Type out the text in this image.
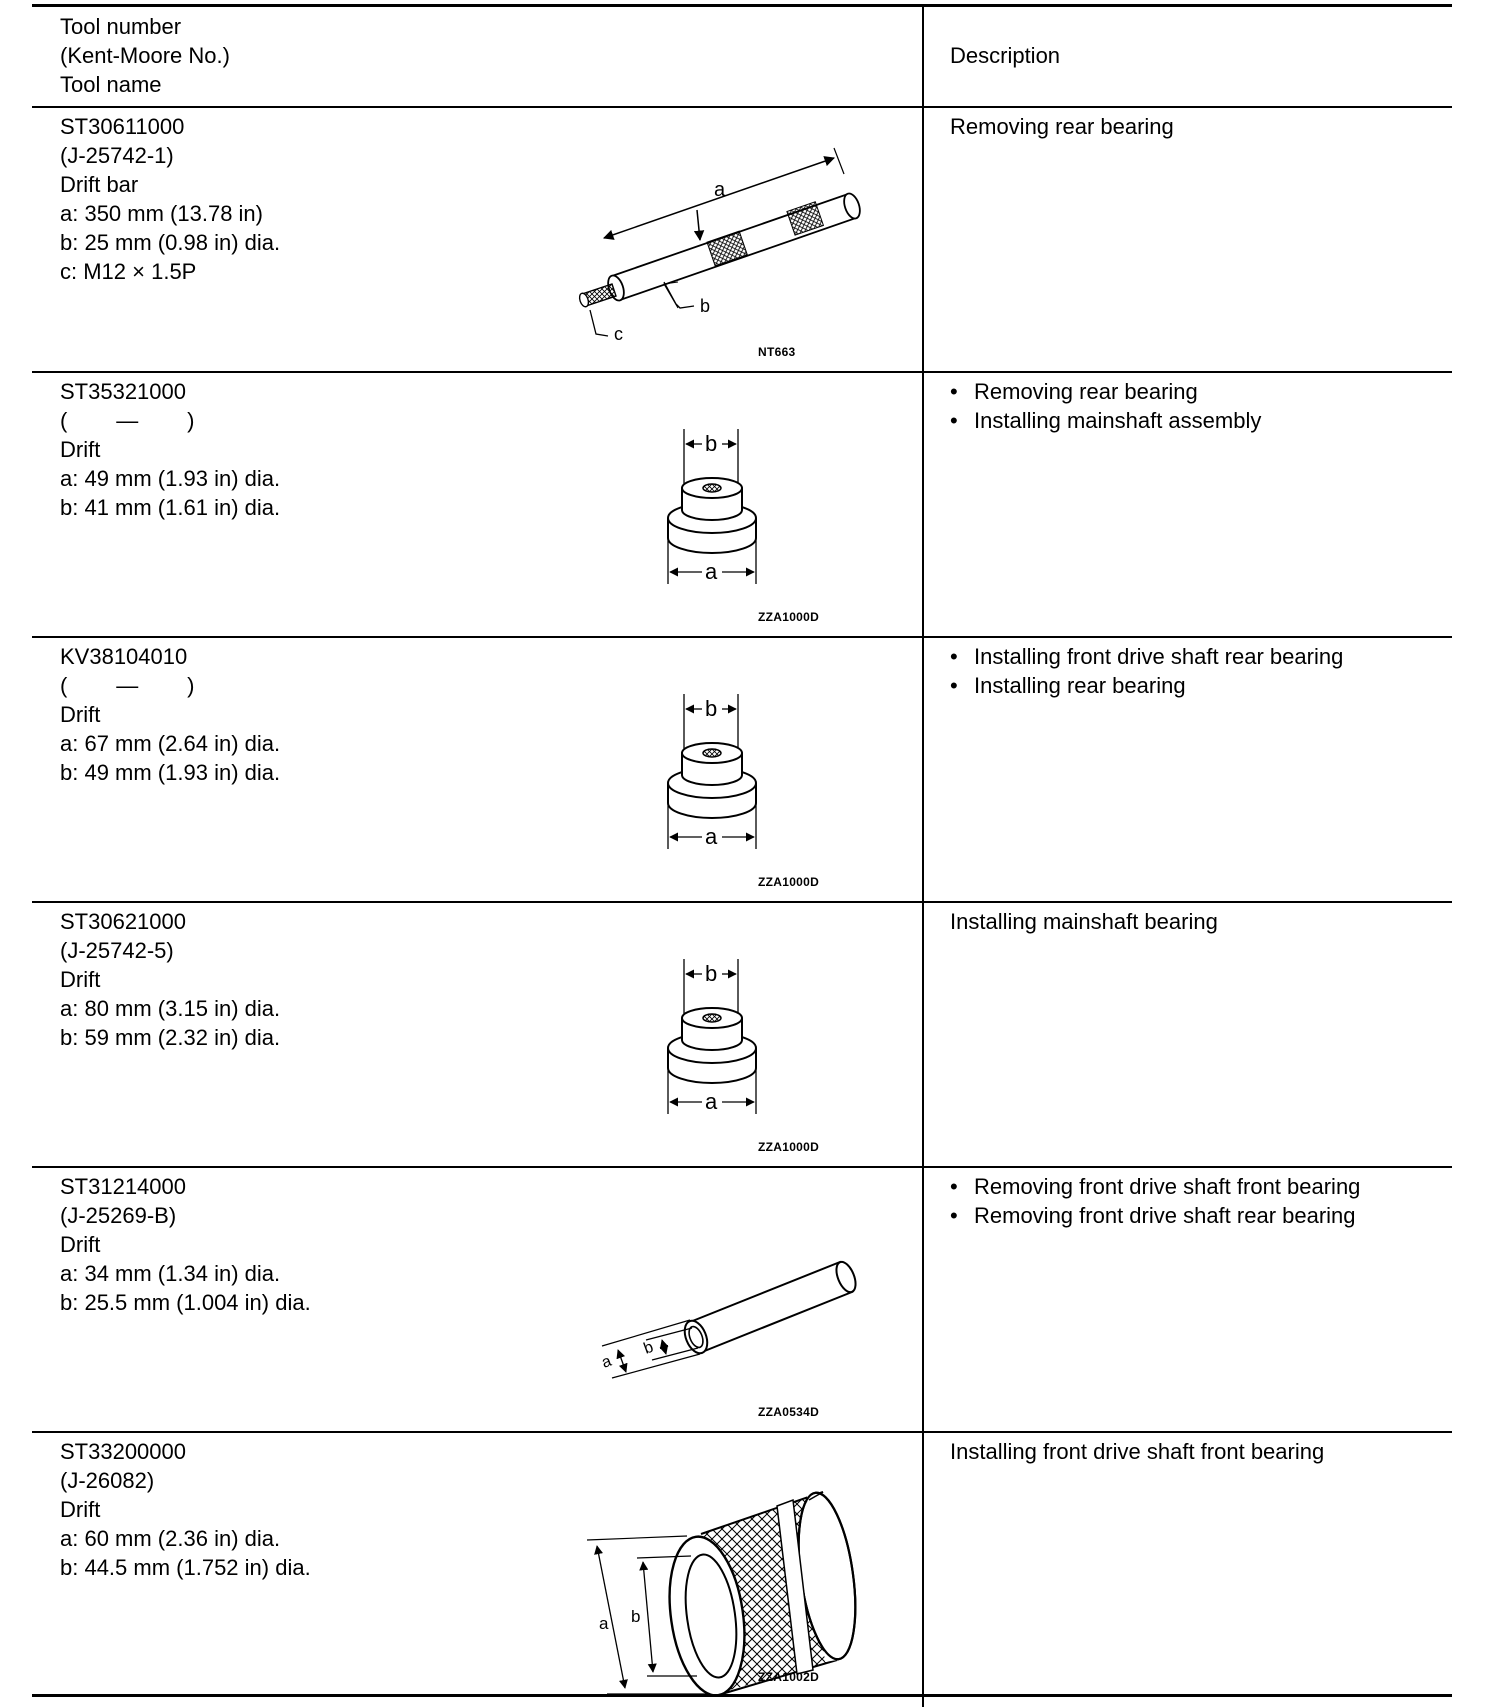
Tool number
(Kent-Moore No.)
Tool name
Description
ST30611000
(J-25742-1)
Drift bar
a: 350 mm (13.78 in)
b: 25 mm (0.98 in) dia.
c: M12 × 1.5P
a
b
c
NT663
Removing rear bearing
ST35321000
(        —        )
Drift
a: 49 mm (1.93 in) dia.
b: 41 mm (1.61 in) dia.
b
a
ZZA1000D
• Removing rear bearing
• Installing mainshaft assembly
KV38104010
(        —        )
Drift
a: 67 mm (2.64 in) dia.
b: 49 mm (1.93 in) dia.
b
a
ZZA1000D
• Installing front drive shaft rear bearing
• Installing rear bearing
ST30621000
(J-25742-5)
Drift
a: 80 mm (3.15 in) dia.
b: 59 mm (2.32 in) dia.
b
a
ZZA1000D
Installing mainshaft bearing
ST31214000
(J-25269-B)
Drift
a: 34 mm (1.34 in) dia.
b: 25.5 mm (1.004 in) dia.
a
b
ZZA0534D
• Removing front drive shaft front bearing
• Removing front drive shaft rear bearing
ST33200000
(J-26082)
Drift
a: 60 mm (2.36 in) dia.
b: 44.5 mm (1.752 in) dia.
a b
ZZA1002D
Installing front drive shaft front bearing
